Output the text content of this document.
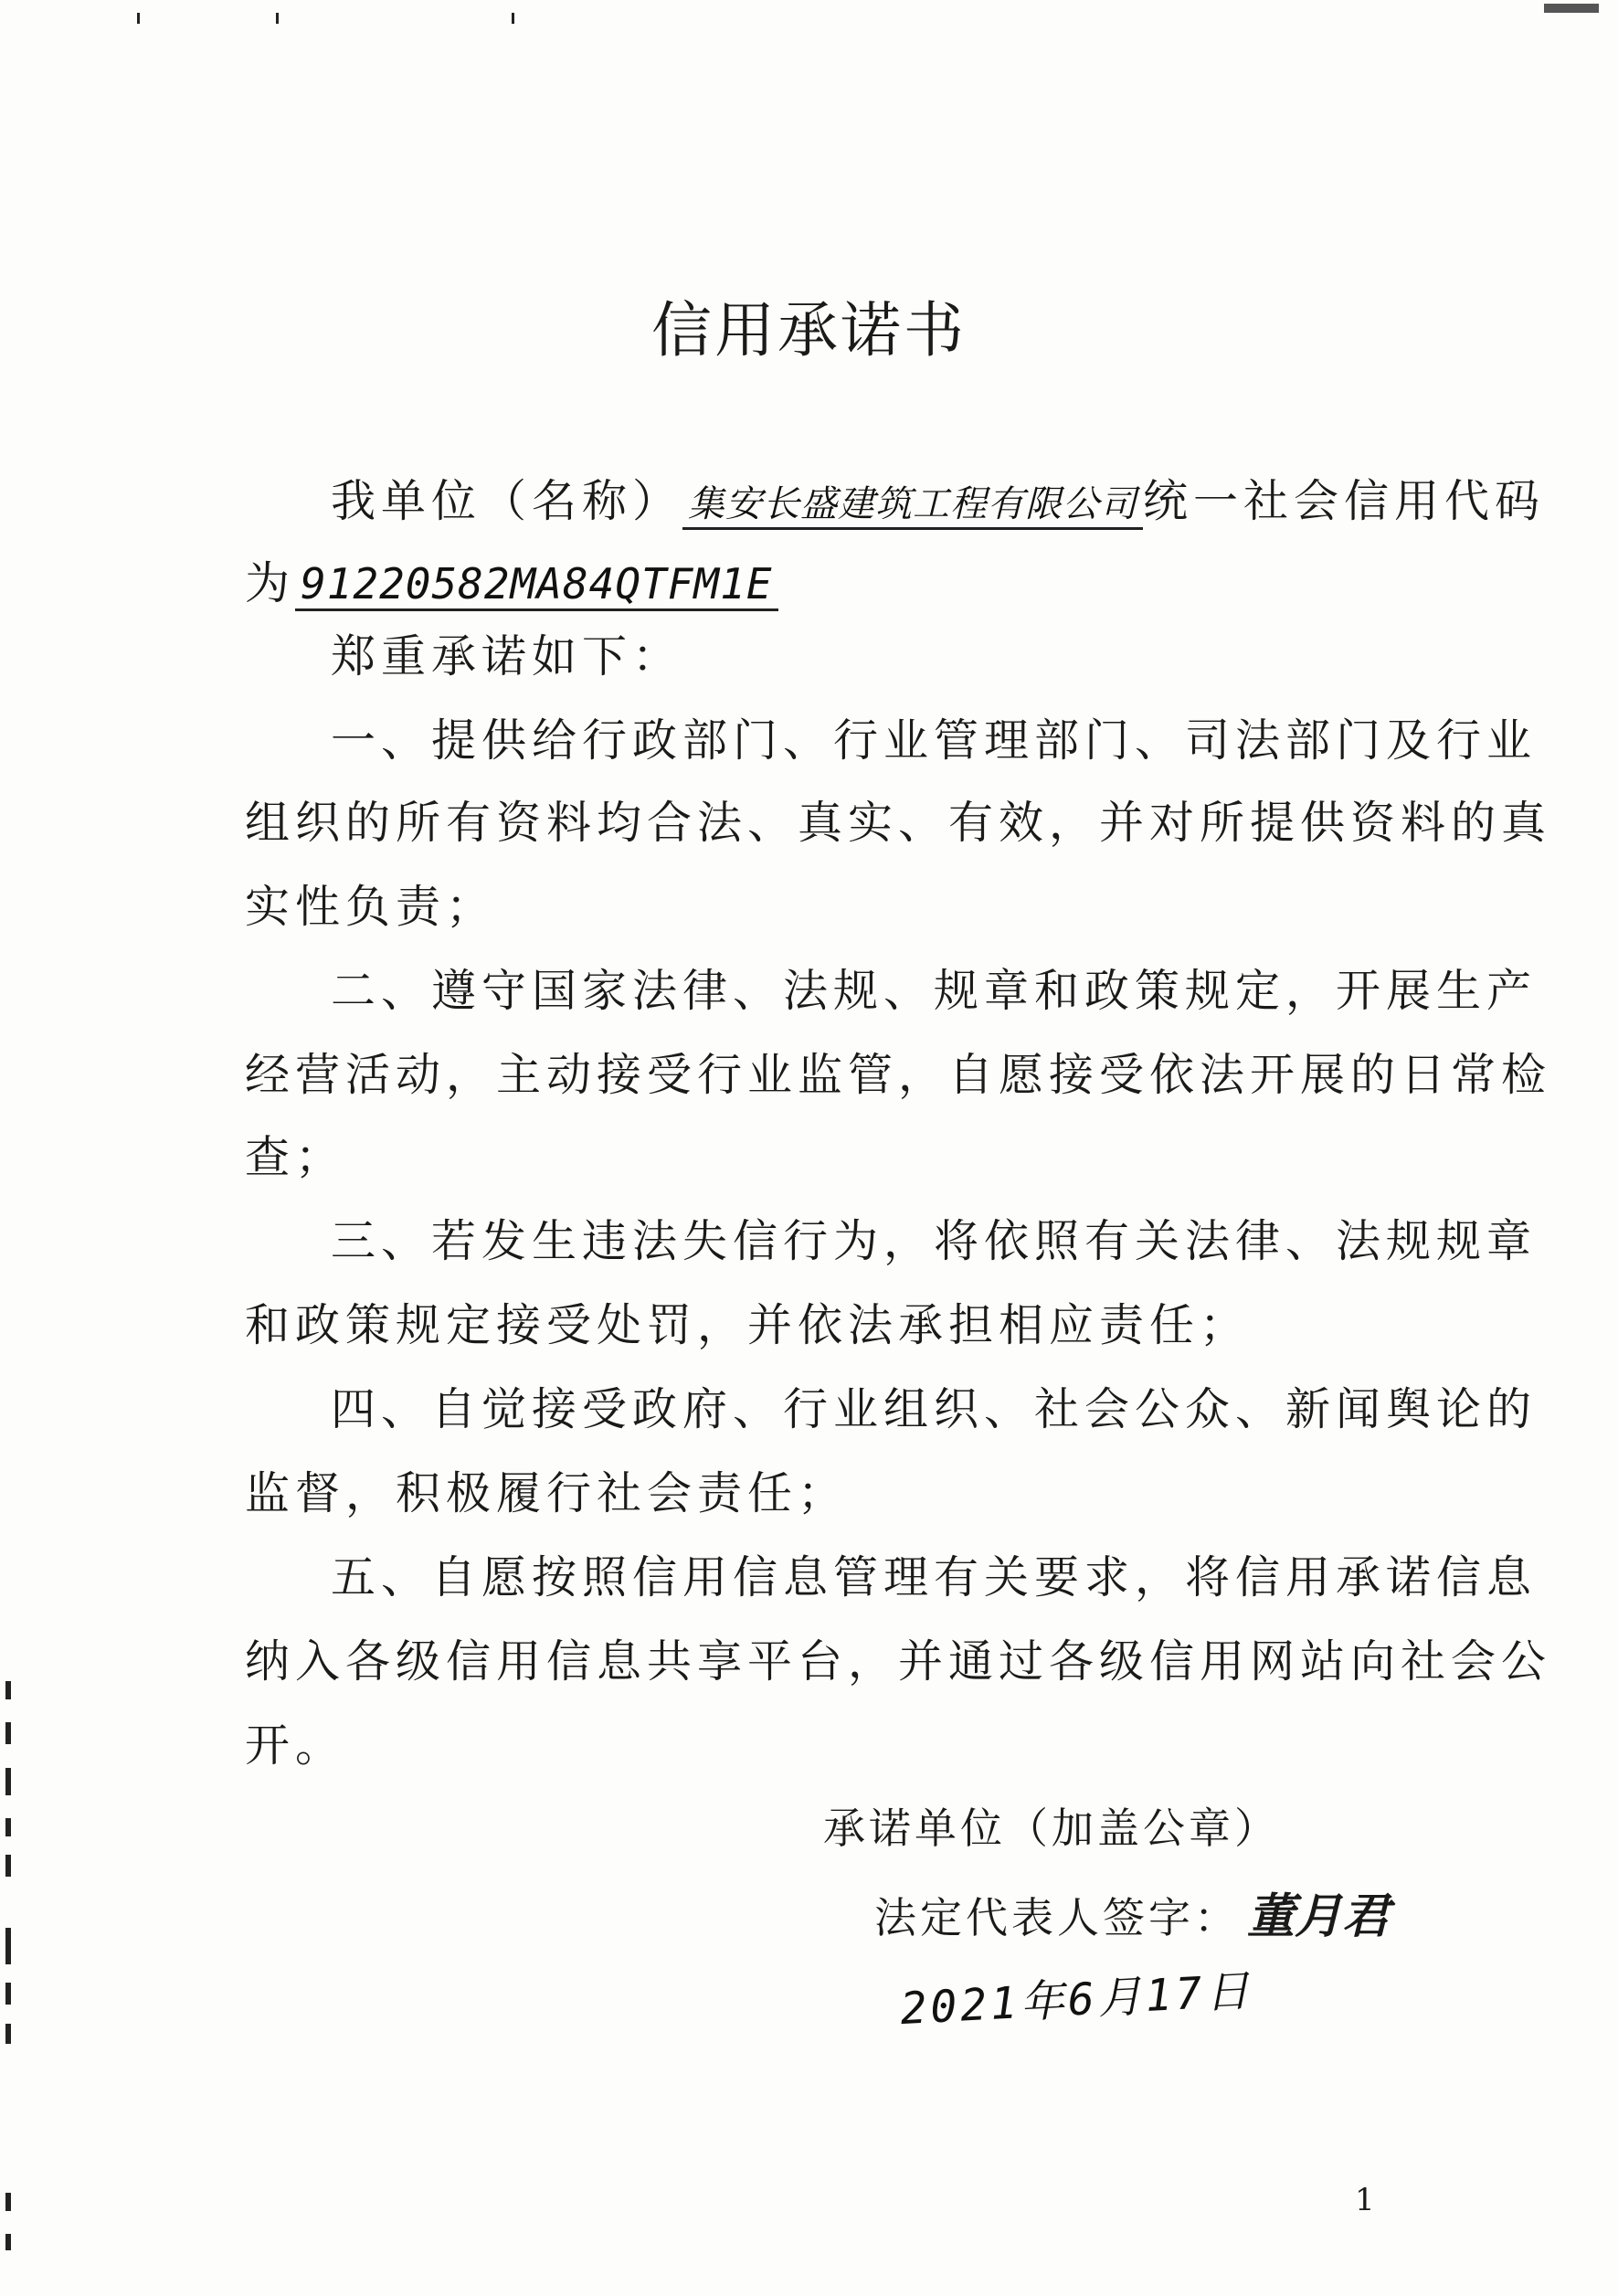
信用承诺书
我单位（名称） 集安长盛建筑工程有限公司 统一社会信用代码
为 91220582MA84QTFM1E
郑重承诺如下：
一、提供给行政部门、行业管理部门、司法部门及行业
组织的所有资料均合法、真实、有效，并对所提供资料的真
实性负责；
二、遵守国家法律、法规、规章和政策规定，开展生产
经营活动，主动接受行业监管，自愿接受依法开展的日常检
查；
三、若发生违法失信行为，将依照有关法律、法规规章
和政策规定接受处罚，并依法承担相应责任；
四、自觉接受政府、行业组织、社会公众、新闻舆论的
监督，积极履行社会责任；
五、自愿按照信用信息管理有关要求，将信用承诺信息
纳入各级信用信息共享平台，并通过各级信用网站向社会公
开。
承诺单位（加盖公章）
法定代表人签字： 董月君
2021年6月17日
1
